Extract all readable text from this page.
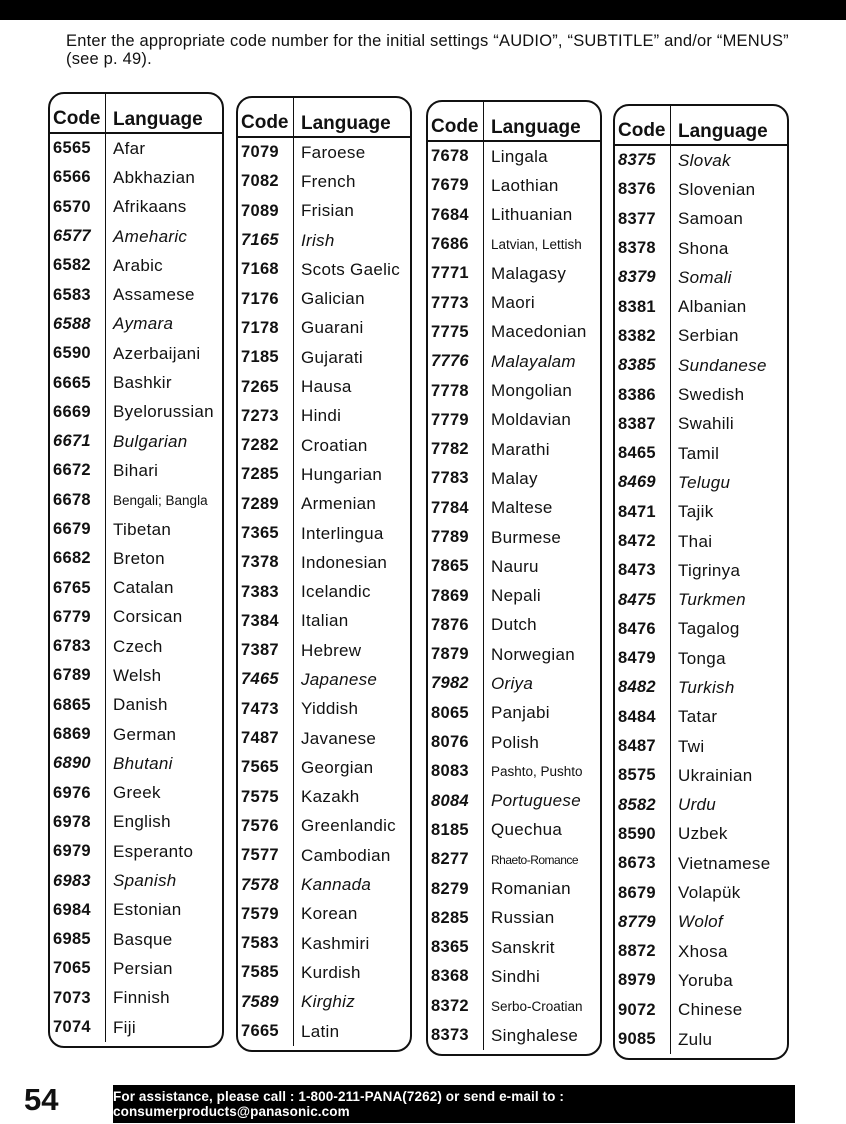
Enter the appropriate code number for the initial settings “AUDIO”, “SUBTITLE” and/or “MENUS” (see p. 49).
Code Language
6565	Afar
6566	Abkhazian
6570	Afrikaans
6577	Ameharic
6582	Arabic
6583	Assamese
6588	Aymara
6590	Azerbaijani
6665	Bashkir
6669	Byelorussian
6671	Bulgarian
6672	Bihari
6678	Bengali; Bangla
6679	Tibetan
6682	Breton
6765	Catalan
6779	Corsican
6783	Czech
6789	Welsh
6865	Danish
6869	German
6890	Bhutani
6976	Greek
6978	English
6979	Esperanto
6983	Spanish
6984	Estonian
6985	Basque
7065	Persian
7073	Finnish
7074	Fiji
Code Language
7079	Faroese
7082	French
7089	Frisian
7165	Irish
7168	Scots Gaelic
7176	Galician
7178	Guarani
7185	Gujarati
7265	Hausa
7273	Hindi
7282	Croatian
7285	Hungarian
7289	Armenian
7365	Interlingua
7378	Indonesian
7383	Icelandic
7384	Italian
7387	Hebrew
7465	Japanese
7473	Yiddish
7487	Javanese
7565	Georgian
7575	Kazakh
7576	Greenlandic
7577	Cambodian
7578	Kannada
7579	Korean
7583	Kashmiri
7585	Kurdish
7589	Kirghiz
7665	Latin
Code Language
7678	Lingala
7679	Laothian
7684	Lithuanian
7686	Latvian, Lettish
7771	Malagasy
7773	Maori
7775	Macedonian
7776	Malayalam
7778	Mongolian
7779	Moldavian
7782	Marathi
7783	Malay
7784	Maltese
7789	Burmese
7865	Nauru
7869	Nepali
7876	Dutch
7879	Norwegian
7982	Oriya
8065	Panjabi
8076	Polish
8083	Pashto, Pushto
8084	Portuguese
8185	Quechua
8277	Rhaeto-Romance
8279	Romanian
8285	Russian
8365	Sanskrit
8368	Sindhi
8372	Serbo-Croatian
8373	Singhalese
Code Language
8375	Slovak
8376	Slovenian
8377	Samoan
8378	Shona
8379	Somali
8381	Albanian
8382	Serbian
8385	Sundanese
8386	Swedish
8387	Swahili
8465	Tamil
8469	Telugu
8471	Tajik
8472	Thai
8473	Tigrinya
8475	Turkmen
8476	Tagalog
8479	Tonga
8482	Turkish
8484	Tatar
8487	Twi
8575	Ukrainian
8582	Urdu
8590	Uzbek
8673	Vietnamese
8679	Volapük
8779	Wolof
8872	Xhosa
8979	Yoruba
9072	Chinese
9085	Zulu
54	For assistance, please call : 1-800-211-PANA(7262) or send e-mail to : consumerproducts@panasonic.com
